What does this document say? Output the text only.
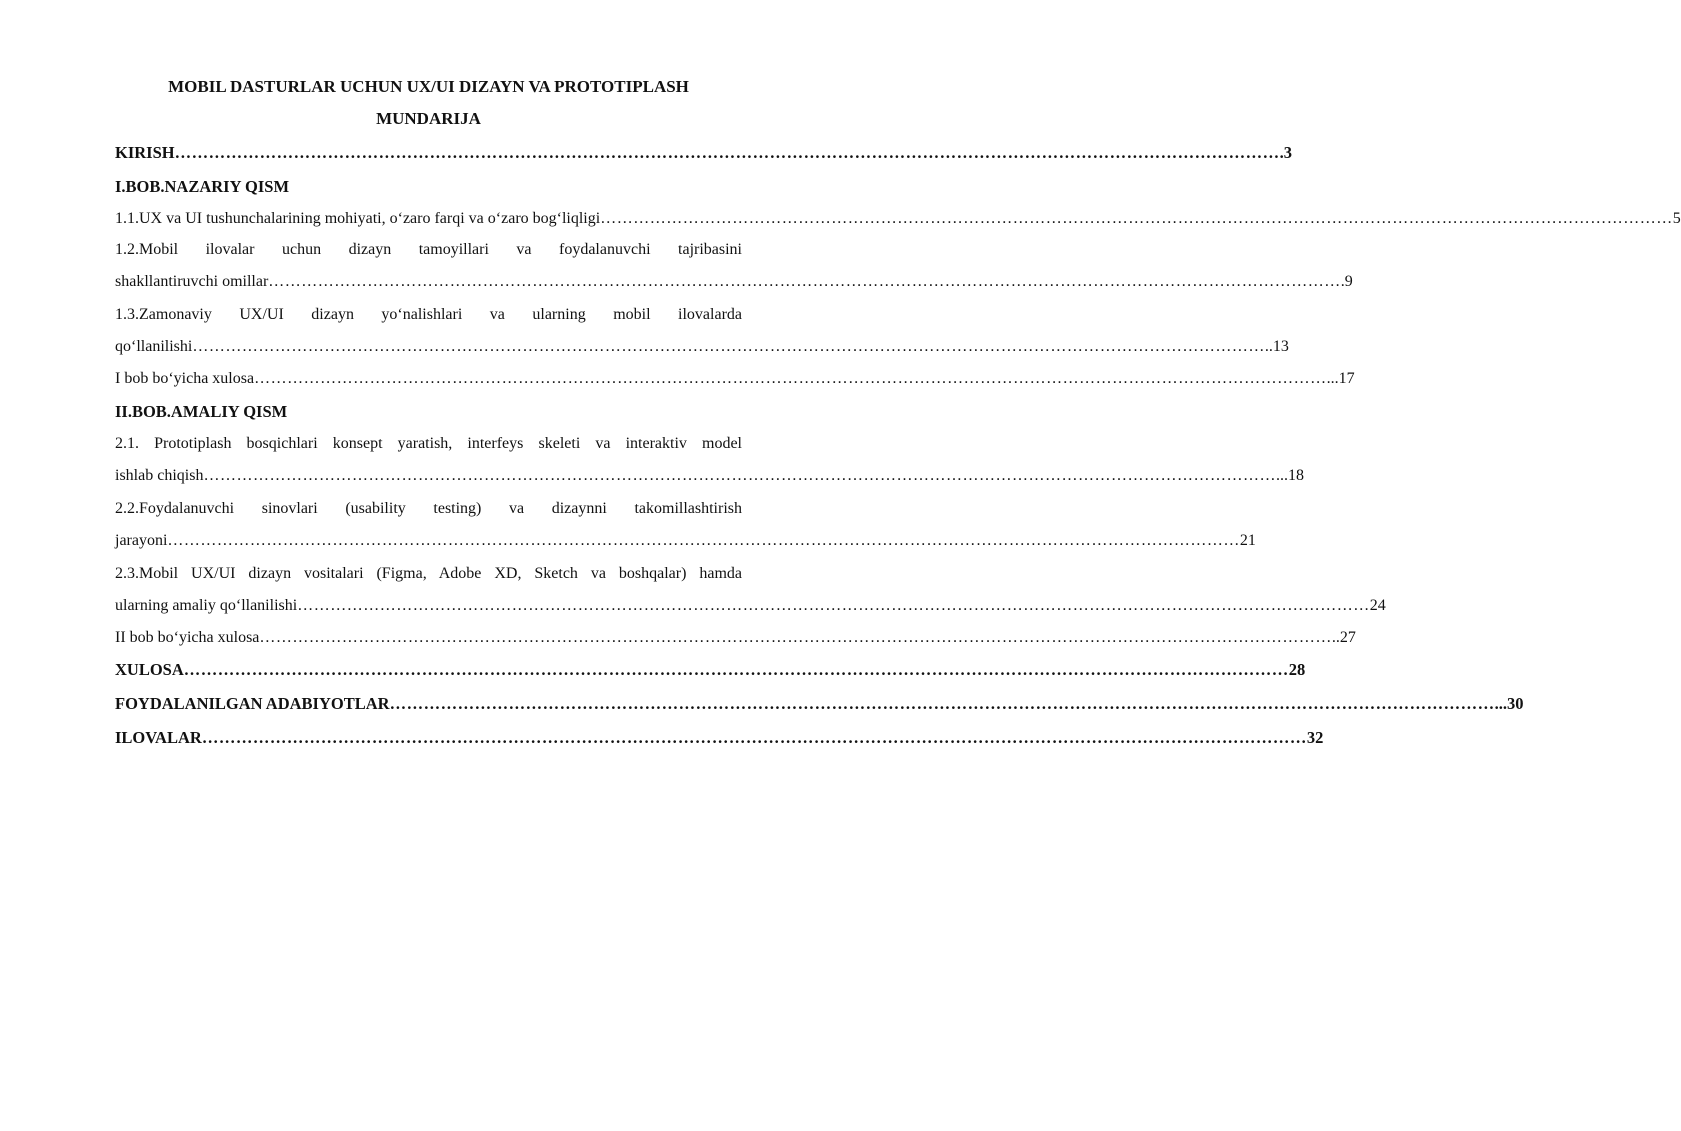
MOBIL DASTURLAR UCHUN UX/UI DIZAYN VA PROTOTIPLASH
MUNDARIJA
KIRISH …………………………………………………………………………………………………………………………………………………………………………… .3
I.BOB.NAZARIY QISM
1.1.UX va UI tushunchalarining mohiyati, o‘zaro farqi va o‘zaro bog‘liqligi …………………………………………………………………………………………………………………………………………………………………………… 5
1.2.Mobil ilovalar uchun dizayn tamoyillari va foydalanuvchi tajribasini
shakllantiruvchi omillar …………………………………………………………………………………………………………………………………………………………………………… .9
1.3.Zamonaviy UX/UI dizayn yo‘nalishlari va ularning mobil ilovalarda
qo‘llanilishi …………………………………………………………………………………………………………………………………………………………………………… ..13
I bob bo‘yicha xulosa …………………………………………………………………………………………………………………………………………………………………………… ...17
II.BOB.AMALIY QISM
2.1. Prototiplash bosqichlari konsept yaratish, interfeys skeleti va interaktiv model
ishlab chiqish …………………………………………………………………………………………………………………………………………………………………………… ...18
2.2.Foydalanuvchi sinovlari (usability testing) va dizaynni takomillashtirish
jarayoni …………………………………………………………………………………………………………………………………………………………………………… 21
2.3.Mobil UX/UI dizayn vositalari (Figma, Adobe XD, Sketch va boshqalar) hamda
ularning amaliy qo‘llanilishi …………………………………………………………………………………………………………………………………………………………………………… 24
II bob bo‘yicha xulosa …………………………………………………………………………………………………………………………………………………………………………… ..27
XULOSA …………………………………………………………………………………………………………………………………………………………………………… 28
FOYDALANILGAN ADABIYOTLAR …………………………………………………………………………………………………………………………………………………………………………… ...30
ILOVALAR …………………………………………………………………………………………………………………………………………………………………………… 32
